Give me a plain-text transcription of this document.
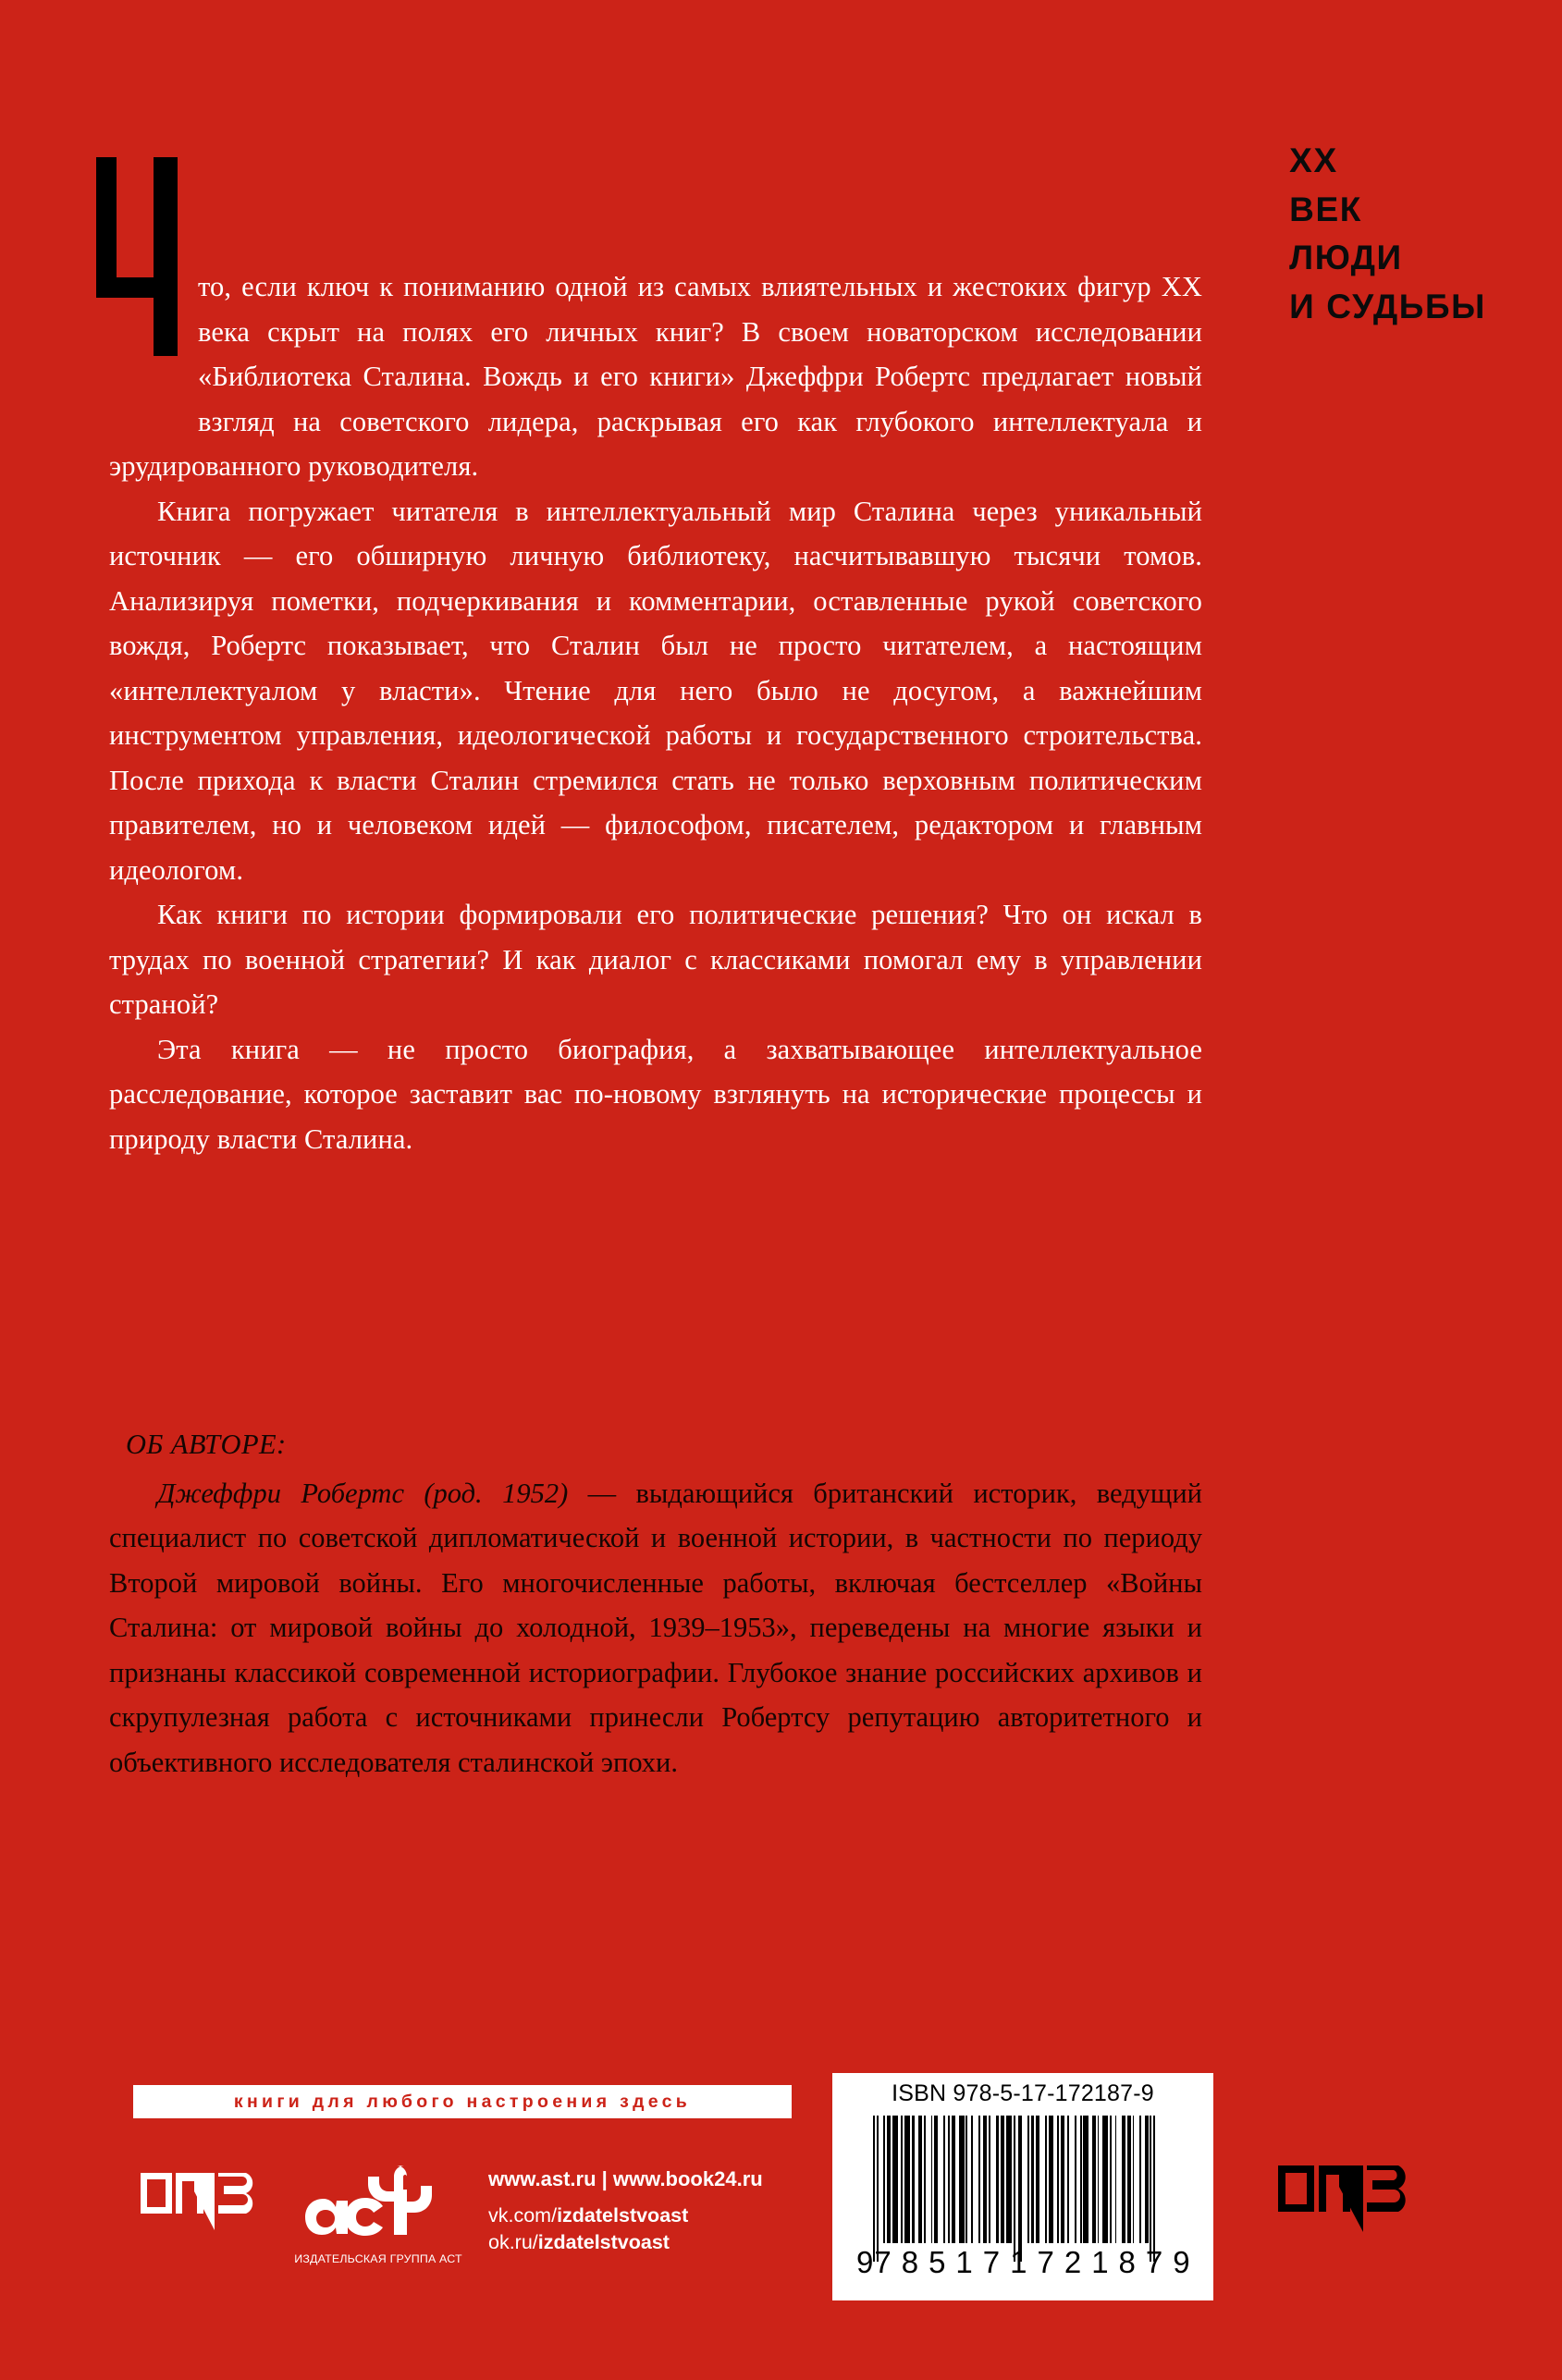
XX
ВЕК
ЛЮДИ
И СУДЬБЫ

то, если ключ к пониманию одной из самых влиятельных и жестоких фигур XX века скрыт на полях его личных книг? В своем новаторском исследовании «Библиотека Сталина. Вождь и его книги» Джеффри Робертс предлагает новый взгляд на советского лидера, раскрывая его как глубокого интеллектуала и эрудированного руководителя.

Книга погружает читателя в интеллектуальный мир Сталина через уникальный источник — его обширную личную библиотеку, насчитывавшую тысячи томов. Анализируя пометки, подчеркивания и комментарии, оставленные рукой советского вождя, Робертс показывает, что Сталин был не просто читателем, а настоящим «интеллектуалом у власти». Чтение для него было не досугом, а важнейшим инструментом управления, идеологической работы и государственного строительства. После прихода к власти Сталин стремился стать не только верховным политическим правителем, но и человеком идей — философом, писателем, редактором и главным идеологом.

Как книги по истории формировали его политические решения? Что он искал в трудах по военной стратегии? И как диалог с классиками помогал ему в управлении страной?

Эта книга — не просто биография, а захватывающее интеллектуальное расследование, которое заставит вас по-новому взглянуть на исторические процессы и природу власти Сталина.

ОБ АВТОРЕ:

Джеффри Робертс (род. 1952) — выдающийся британский историк, ведущий специалист по советской дипломатической и военной истории, в частности по периоду Второй мировой войны. Его многочисленные работы, включая бестселлер «Войны Сталина: от мировой войны до холодной, 1939–1953», переведены на многие языки и признаны классикой современной историографии. Глубокое знание российских архивов и скрупулезная работа с источниками принесли Робертсу репутацию авторитетного и объективного исследователя сталинской эпохи.

книги для любого настроения здесь
ИЗДАТЕЛЬСКАЯ ГРУППА АСТ
www.ast.ru | www.book24.ru
vk.com/izdatelstvoast
ok.ru/izdatelstvoast
ISBN 978-5-17-172187-9
9 785171 721879
